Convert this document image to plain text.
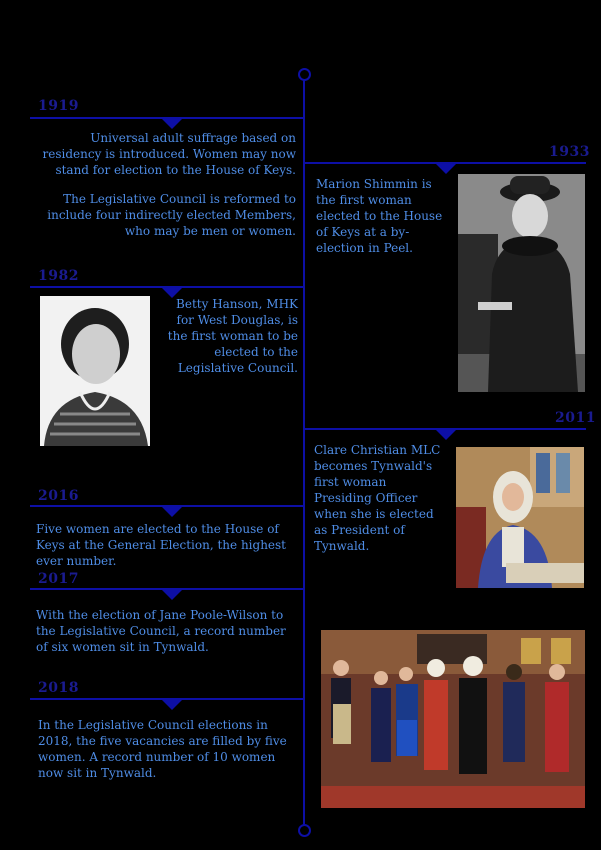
1919
Universal adult suffrage based on residency is introduced. Women may now stand for election to the House of Keys.
The Legislative Council is reformed to include four indirectly elected Members, who may be men or women.
1933
Marion Shimmin is the first woman elected to the House of Keys at a by-election in Peel.
1982
Betty Hanson, MHK for West Douglas, is the first woman to be elected to the Legislative Council.
2011
Clare Christian MLC becomes Tynwald's first woman Presiding Officer when she is elected as President of Tynwald.
2016
Five women are elected to the House of Keys at the General Election, the highest ever number.
2017
With the election of Jane Poole-Wilson to the Legislative Council, a record number of six women sit in Tynwald.
2018
In the Legislative Council elections in 2018, the five vacancies are filled by five women. A record number of 10 women now sit in Tynwald.
